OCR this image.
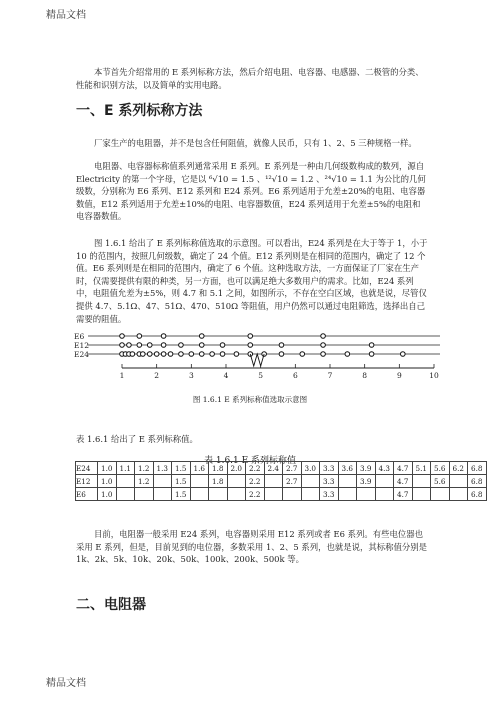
精品文档

本节首先介绍常用的 E 系列标称方法，然后介绍电阻、电容器、电感器、二极管的分类、性能和识别方法，以及简单的实用电路。

一、E 系列标称方法

厂家生产的电阻器，并不是包含任何阻值，就像人民币，只有 1、2、5 三种规格一样。

电阻器、电容器标称值系列通常采用 E 系列。E 系列是一种由几何级数构成的数列，源自 Electricity 的第一个字母，它是以 ⁶√10 = 1.5 、¹²√10 = 1.2 、²⁴√10 = 1.1 为公比的几何级数，分别称为 E6 系列、E12 系列和 E24 系列。E6 系列适用于允差±20%的电阻、电容器数值，E12 系列适用于允差±10%的电阻、电容器数值，E24 系列适用于允差±5%的电阻和电容器数值。

图 1.6.1 给出了 E 系列标称值选取的示意图。可以看出，E24 系列是在大于等于 1，小于 10 的范围内，按照几何级数，确定了 24 个值。E12 系列则是在相同的范围内，确定了 12 个值。E6 系列则是在相同的范围内，确定了 6 个值。这种选取方法，一方面保证了厂家在生产时，仅需要提供有限的种类，另一方面，也可以满足绝大多数用户的需求。比如，E24 系列中，电阻值允差为±5%，则 4.7 和 5.1 之间，如图所示，不存在空白区域，也就是说，尽管仅提供 4.7、5.1Ω、47、51Ω、470、510Ω 等阻值，用户仍然可以通过电阻筛选，选择出自己需要的阻值。

E6
E12
E24
1	2	3	4	5	6	7	8	9	10
图 1.6.1 E 系列标称值选取示意图

表 1.6.1 给出了 E 系列标称值。

表 1.6.1 E 系列标称值
E24	1.0	1.1	1.2	1.3	1.5	1.6	1.8	2.0	2.2	2.4	2.7	3.0	3.3	3.6	3.9	4.3	4.7	5.1	5.6	6.2	6.8
E12	1.0		1.2		1.5		1.8		2.2		2.7		3.3		3.9		4.7		5.6		6.8
E6	1.0				1.5				2.2				3.3				4.7				6.8

目前，电阻器一般采用 E24 系列，电容器则采用 E12 系列或者 E6 系列。有些电位器也采用 E 系列，但是，目前见到的电位器，多数采用 1、2、5 系列，也就是说，其标称值分别是 1k、2k、5k、10k、20k、50k、100k、200k、500k 等。

二、电阻器
精品文档
